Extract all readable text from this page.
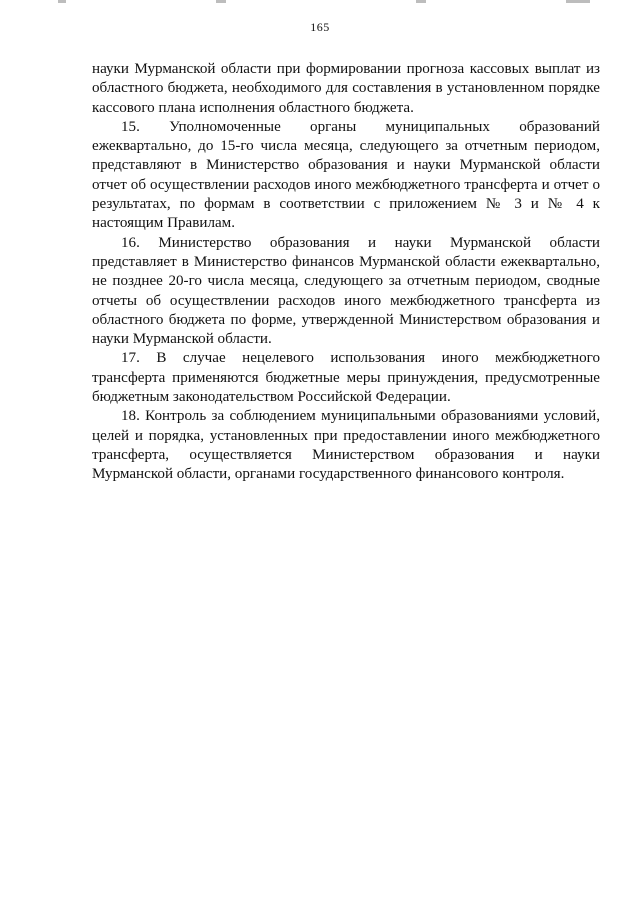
165

науки Мурманской области при формировании прогноза кассовых выплат из областного бюджета, необходимого для составления в установленном порядке кассового плана исполнения областного бюджета.

15. Уполномоченные органы муниципальных образований ежеквартально, до 15-го числа месяца, следующего за отчетным периодом, представляют в Министерство образования и науки Мурманской области отчет об осуществлении расходов иного межбюджетного трансферта и отчет о результатах, по формам в соответствии с приложением № 3 и № 4 к настоящим Правилам.

16. Министерство образования и науки Мурманской области представляет в Министерство финансов Мурманской области ежеквартально, не позднее 20-го числа месяца, следующего за отчетным периодом, сводные отчеты об осуществлении расходов иного межбюджетного трансферта из областного бюджета по форме, утвержденной Министерством образования и науки Мурманской области.

17. В случае нецелевого использования иного межбюджетного трансферта применяются бюджетные меры принуждения, предусмотренные бюджетным законодательством Российской Федерации.

18. Контроль за соблюдением муниципальными образованиями условий, целей и порядка, установленных при предоставлении иного межбюджетного трансферта, осуществляется Министерством образования и науки Мурманской области, органами государственного финансового контроля.
